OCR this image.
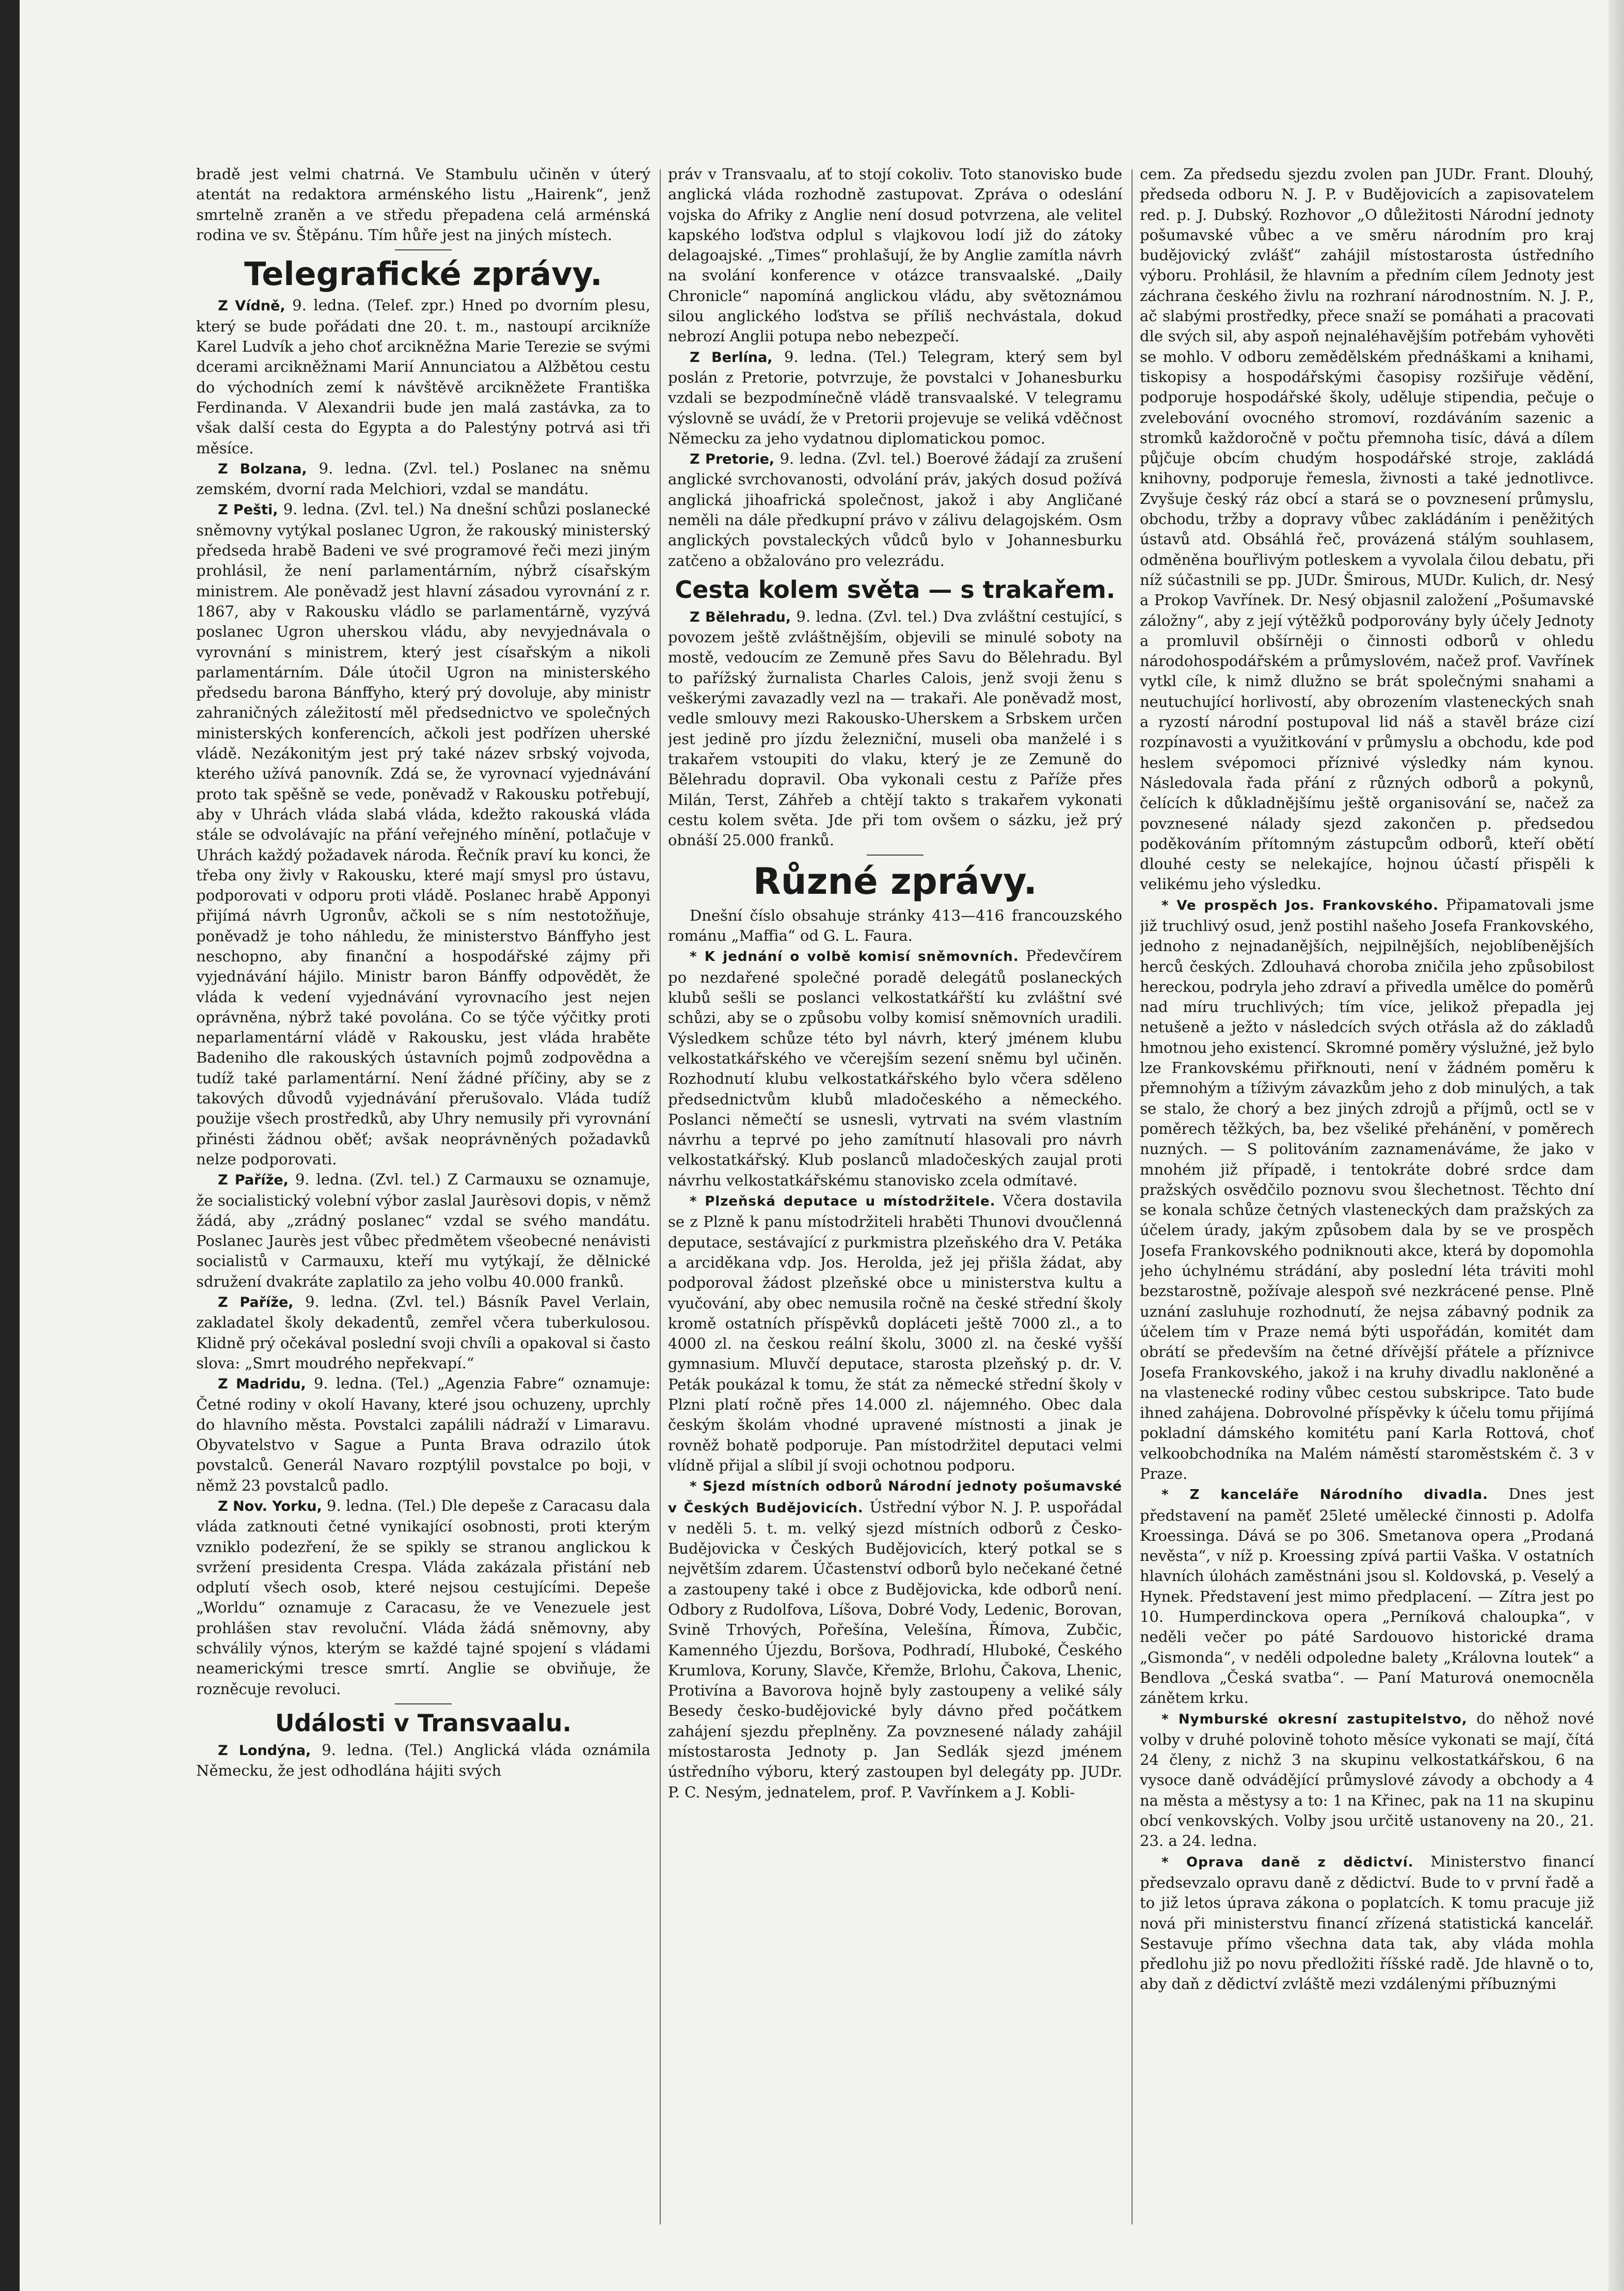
bradě jest velmi chatrná. Ve Stambulu učiněn v úterý atentát na redaktora arménského listu „Hairenk“, jenž smrtelně zraněn a ve středu přepadena celá arménská rodina ve sv. Štěpánu. Tím hůře jest na jiných místech.

Telegrafické zprávy.

Z Vídně, 9. ledna. (Telef. zpr.) Hned po dvorním plesu, který se bude pořádati dne 20. t. m., nastoupí arcikníže Karel Ludvík a jeho choť arcikněžna Marie Terezie se svými dcerami arcikněžnami Marií Annunciatou a Alžbětou cestu do východních zemí k návštěvě arcikněžete Františka Ferdinanda. V Alexandrii bude jen malá zastávka, za to však další cesta do Egypta a do Palestýny potrvá asi tři měsíce.

Z Bolzana, 9. ledna. (Zvl. tel.) Poslanec na sněmu zemském, dvorní rada Melchiori, vzdal se mandátu.

Z Pešti, 9. ledna. (Zvl. tel.) Na dnešní schůzi poslanecké sněmovny vytýkal poslanec Ugron, že rakouský ministerský předseda hrabě Badeni ve své programové řeči mezi jiným prohlásil, že není parlamentárním, nýbrž císařským ministrem. Ale poněvadž jest hlavní zásadou vyrovnání z r. 1867, aby v Rakousku vládlo se parlamentárně, vyzývá poslanec Ugron uherskou vládu, aby nevyjednávala o vyrovnání s ministrem, který jest císařským a nikoli parlamentárním. Dále útočil Ugron na ministerského předsedu barona Bánffyho, který prý dovoluje, aby ministr zahraničných záležitostí měl předsednictvo ve společných ministerských konferencích, ačkoli jest podřízen uherské vládě. Nezákonitým jest prý také název srbský vojvoda, kterého užívá panovník. Zdá se, že vyrovnací vyjednávání proto tak spěšně se vede, poněvadž v Rakousku potřebují, aby v Uhrách vláda slabá vláda, kdežto rakouská vláda stále se odvolávajíc na přání veřejného mínění, potlačuje v Uhrách každý požadavek národa. Řečník praví ku konci, že třeba ony živly v Rakousku, které mají smysl pro ústavu, podporovati v odporu proti vládě. Poslanec hrabě Apponyi přijímá návrh Ugronův, ačkoli se s ním nestotožňuje, poněvadž je toho náhledu, že ministerstvo Bánffyho jest neschopno, aby finanční a hospodářské zájmy při vyjednávání hájilo. Ministr baron Bánffy odpovědět, že vláda k vedení vyjednávání vyrovnacího jest nejen oprávněna, nýbrž také povolána. Co se týče výčitky proti neparlamentární vládě v Rakousku, jest vláda hraběte Badeniho dle rakouských ústavních pojmů zodpovědna a tudíž také parlamentární. Není žádné příčiny, aby se z takových důvodů vyjednávání přerušovalo. Vláda tudíž použije všech prostředků, aby Uhry nemusily při vyrovnání přinésti žádnou oběť; avšak neoprávněných požadavků nelze podporovati.

Z Paříže, 9. ledna. (Zvl. tel.) Z Carmauxu se oznamuje, že socialistický volební výbor zaslal Jaurèsovi dopis, v němž žádá, aby „zrádný poslanec“ vzdal se svého mandátu. Poslanec Jaurès jest vůbec předmětem všeobecné nenávisti socialistů v Carmauxu, kteří mu vytýkají, že dělnické sdružení dvakráte zaplatilo za jeho volbu 40.000 franků.

Z Paříže, 9. ledna. (Zvl. tel.) Básník Pavel Verlain, zakladatel školy dekadentů, zemřel včera tuberkulosou. Klidně prý očekával poslední svoji chvíli a opakoval si často slova: „Smrt moudrého nepřekvapí.“

Z Madridu, 9. ledna. (Tel.) „Agenzia Fabre“ oznamuje: Četné rodiny v okolí Havany, které jsou ochuzeny, uprchly do hlavního města. Povstalci zapálili nádraží v Limaravu. Obyvatelstvo v Sague a Punta Brava odrazilo útok povstalců. Generál Navaro rozptýlil povstalce po boji, v němž 23 povstalců padlo.

Z Nov. Yorku, 9. ledna. (Tel.) Dle depeše z Caracasu dala vláda zatknouti četné vynikající osobnosti, proti kterým vzniklo podezření, že se spikly se stranou anglickou k svržení presidenta Crespa. Vláda zakázala přistání neb odplutí všech osob, které nejsou cestujícími. Depeše „Worldu“ oznamuje z Caracasu, že ve Venezuele jest prohlášen stav revoluční. Vláda žádá sněmovny, aby schválily výnos, kterým se každé tajné spojení s vládami neamerickými tresce smrtí. Anglie se obviňuje, že rozněcuje revoluci.

Události v Transvaalu.

Z Londýna, 9. ledna. (Tel.) Anglická vláda oznámila Německu, že jest odhodlána hájiti svých

práv v Transvaalu, ať to stojí cokoliv. Toto stanovisko bude anglická vláda rozhodně zastupovat. Zpráva o odeslání vojska do Afriky z Anglie není dosud potvrzena, ale velitel kapského loďstva odplul s vlajkovou lodí již do zátoky delagoajské. „Times“ prohlašují, že by Anglie zamítla návrh na svolání konference v otázce transvaalské. „Daily Chronicle“ napomíná anglickou vládu, aby světoznámou silou anglického loďstva se příliš nechvástala, dokud nebrozí Anglii potupa nebo nebezpečí.

Z Berlína, 9. ledna. (Tel.) Telegram, který sem byl poslán z Pretorie, potvrzuje, že povstalci v Johanesburku vzdali se bezpodmínečně vládě transvaalské. V telegramu výslovně se uvádí, že v Pretorii projevuje se veliká vděčnost Německu za jeho vydatnou diplomatickou pomoc.

Z Pretorie, 9. ledna. (Zvl. tel.) Boerové žádají za zrušení anglické svrchovanosti, odvolání práv, jakých dosud požívá anglická jihoafrická společnost, jakož i aby Angličané neměli na dále předkupní právo v zálivu delagojském. Osm anglických povstaleckých vůdců bylo v Johannesburku zatčeno a obžalováno pro velezrádu.

Cesta kolem světa — s trakařem.

Z Bělehradu, 9. ledna. (Zvl. tel.) Dva zvláštní cestující, s povozem ještě zvláštnějším, objevili se minulé soboty na mostě, vedoucím ze Zemuně přes Savu do Bělehradu. Byl to pařížský žurnalista Charles Calois, jenž svoji ženu s veškerými zavazadly vezl na — trakaři. Ale poněvadž most, vedle smlouvy mezi Rakousko-Uherskem a Srbskem určen jest jedině pro jízdu železniční, museli oba manželé i s trakařem vstoupiti do vlaku, který je ze Zemuně do Bělehradu dopravil. Oba vykonali cestu z Paříže přes Milán, Terst, Záhřeb a chtějí takto s trakařem vykonati cestu kolem světa. Jde při tom ovšem o sázku, jež prý obnáší 25.000 franků.

Různé zprávy.

Dnešní číslo obsahuje stránky 413—416 francouzského románu „Maffia“ od G. L. Faura.

* K jednání o volbě komisí sněmovních. Předevčírem po nezdařené společné poradě delegátů poslaneckých klubů sešli se poslanci velkostatkářští ku zvláštní své schůzi, aby se o způsobu volby komisí sněmovních uradili. Výsledkem schůze této byl návrh, který jménem klubu velkostatkářského ve včerejším sezení sněmu byl učiněn. Rozhodnutí klubu velkostatkářského bylo včera sděleno předsednictvům klubů mladočeského a německého. Poslanci němečtí se usnesli, vytrvati na svém vlastním návrhu a teprvé po jeho zamítnutí hlasovali pro návrh velkostatkářský. Klub poslanců mladočeských zaujal proti návrhu velkostatkářskému stanovisko zcela odmítavé.

* Plzeňská deputace u místodržitele. Včera dostavila se z Plzně k panu místodržiteli hraběti Thunovi dvoučlenná deputace, sestávající z purkmistra plzeňského dra V. Petáka a arciděkana vdp. Jos. Herolda, jež jej přišla žádat, aby podporoval žádost plzeňské obce u ministerstva kultu a vyučování, aby obec nemusila ročně na české střední školy kromě ostatních příspěvků dopláceti ještě 7000 zl., a to 4000 zl. na českou reální školu, 3000 zl. na české vyšší gymnasium. Mluvčí deputace, starosta plzeňský p. dr. V. Peták poukázal k tomu, že stát za německé střední školy v Plzni platí ročně přes 14.000 zl. nájemného. Obec dala českým školám vhodné upravené místnosti a jinak je rovněž bohatě podporuje. Pan místodržitel deputaci velmi vlídně přijal a slíbil jí svoji ochotnou podporu.

* Sjezd místních odborů Národní jednoty pošumavské v Českých Budějovicích. Ústřední výbor N. J. P. uspořádal v neděli 5. t. m. velký sjezd místních odborů z Česko-Budějovicka v Českých Budějovicích, který potkal se s největším zdarem. Účastenství odborů bylo nečekané četné a zastoupeny také i obce z Budějovicka, kde odborů není. Odbory z Rudolfova, Líšova, Dobré Vody, Ledenic, Borovan, Svině Trhových, Pořešína, Velešína, Římova, Zubčic, Kamenného Újezdu, Boršova, Podhradí, Hluboké, Českého Krumlova, Koruny, Slavče, Křemže, Brlohu, Čakova, Lhenic, Protivína a Bavorova hojně byly zastoupeny a veliké sály Besedy česko-budějovické byly dávno před počátkem zahájení sjezdu přeplněny. Za povznesené nálady zahájil místostarosta Jednoty p. Jan Sedlák sjezd jménem ústředního výboru, který zastoupen byl delegáty pp. JUDr. P. C. Nesým, jednatelem, prof. P. Vavřínkem a J. Kobli-

cem. Za předsedu sjezdu zvolen pan JUDr. Frant. Dlouhý, předseda odboru N. J. P. v Budějovicích a zapisovatelem red. p. J. Dubský. Rozhovor „O důležitosti Národní jednoty pošumavské vůbec a ve směru národním pro kraj budějovický zvlášť“ zahájil místostarosta ústředního výboru. Prohlásil, že hlavním a předním cílem Jednoty jest záchrana českého živlu na rozhraní národnostním. N. J. P., ač slabými prostředky, přece snaží se pomáhati a pracovati dle svých sil, aby aspoň nejnaléhavějším potřebám vyhověti se mohlo. V odboru zemědělském přednáškami a knihami, tiskopisy a hospodářskými časopisy rozšiřuje vědění, podporuje hospodářské školy, uděluje stipendia, pečuje o zvelebování ovocného stromoví, rozdáváním sazenic a stromků každoročně v počtu přemnoha tisíc, dává a dílem půjčuje obcím chudým hospodářské stroje, zakládá knihovny, podporuje řemesla, živnosti a také jednotlivce. Zvyšuje český ráz obcí a stará se o povznesení průmyslu, obchodu, tržby a dopravy vůbec zakládáním i peněžitých ústavů atd. Obsáhlá řeč, provázená stálým souhlasem, odměněna bouřlivým potleskem a vyvolala čilou debatu, při níž súčastnili se pp. JUDr. Šmirous, MUDr. Kulich, dr. Nesý a Prokop Vavřínek. Dr. Nesý objasnil založení „Pošumavské záložny“, aby z její výtěžků podporovány byly účely Jednoty a promluvil obšírněji o činnosti odborů v ohledu národohospodářském a průmyslovém, načež prof. Vavřínek vytkl cíle, k nimž dlužno se brát společnými snahami a neutuchující horlivostí, aby obrozením vlasteneckých snah a ryzostí národní postupoval lid náš a stavěl bráze cizí rozpínavosti a využitkování v průmyslu a obchodu, kde pod heslem svépomoci příznivé výsledky nám kynou. Následovala řada přání z různých odborů a pokynů, čelících k důkladnějšímu ještě organisování se, načež za povznesené nálady sjezd zakončen p. předsedou poděkováním přítomným zástupcům odborů, kteří obětí dlouhé cesty se nelekajíce, hojnou účastí přispěli k velikému jeho výsledku.

* Ve prospěch Jos. Frankovského. Připamatovali jsme již truchlivý osud, jenž postihl našeho Josefa Frankovského, jednoho z nejnadanějších, nejpilnějších, nejoblíbenějších herců českých. Zdlouhavá choroba zničila jeho způsobilost hereckou, podryla jeho zdraví a přivedla umělce do poměrů nad míru truchlivých; tím více, jelikož přepadla jej netušeně a ježto v následcích svých otřásla až do základů hmotnou jeho existencí. Skromné poměry výslužné, jež bylo lze Frankovskému přiřknouti, není v žádném poměru k přemnohým a tíživým závazkům jeho z dob minulých, a tak se stalo, že chorý a bez jiných zdrojů a příjmů, octl se v poměrech těžkých, ba, bez všeliké přehánění, v poměrech nuzných. — S politováním zaznamenáváme, že jako v mnohém již případě, i tentokráte dobré srdce dam pražských osvědčilo poznovu svou šlechetnost. Těchto dní se konala schůze četných vlasteneckých dam pražských za účelem úrady, jakým způsobem dala by se ve prospěch Josefa Frankovského podniknouti akce, která by dopomohla jeho úchylnému strádání, aby poslední léta tráviti mohl bezstarostně, požívaje alespoň své nezkrácené pense. Plně uznání zasluhuje rozhodnutí, že nejsa zábavný podnik za účelem tím v Praze nemá býti uspořádán, komitét dam obrátí se především na četné dřívější přátele a příznivce Josefa Frankovského, jakož i na kruhy divadlu nakloněné a na vlastenecké rodiny vůbec cestou subskripce. Tato bude ihned zahájena. Dobrovolné příspěvky k účelu tomu přijímá pokladní dámského komitétu paní Karla Rottová, choť velkoobchodníka na Malém náměstí staroměstském č. 3 v Praze.

* Z kanceláře Národního divadla. Dnes jest představení na paměť 25leté umělecké činnosti p. Adolfa Kroessinga. Dává se po 306. Smetanova opera „Prodaná nevěsta“, v níž p. Kroessing zpívá partii Vaška. V ostatních hlavních úlohách zaměstnáni jsou sl. Koldovská, p. Veselý a Hynek. Představení jest mimo předplacení. — Zítra jest po 10. Humperdinckova opera „Perníková chaloupka“, v neděli večer po páté Sardouovo historické drama „Gismonda“, v neděli odpoledne balety „Královna loutek“ a Bendlova „Česká svatba“. — Paní Maturová onemocněla zánětem krku.

* Nymburské okresní zastupitelstvo, do něhož nové volby v druhé polovině tohoto měsíce vykonati se mají, čítá 24 členy, z nichž 3 na skupinu velkostatkářskou, 6 na vysoce daně odvádějící průmyslové závody a obchody a 4 na města a městysy a to: 1 na Křinec, pak na 11 na skupinu obcí venkovských. Volby jsou určitě ustanoveny na 20., 21. 23. a 24. ledna.

* Oprava daně z dědictví. Ministerstvo financí předsevzalo opravu daně z dědictví. Bude to v první řadě a to již letos úprava zákona o poplatcích. K tomu pracuje již nová při ministerstvu financí zřízená statistická kancelář. Sestavuje přímo všechna data tak, aby vláda mohla předlohu již po novu předložiti říšské radě. Jde hlavně o to, aby daň z dědictví zvláště mezi vzdálenými příbuznými
